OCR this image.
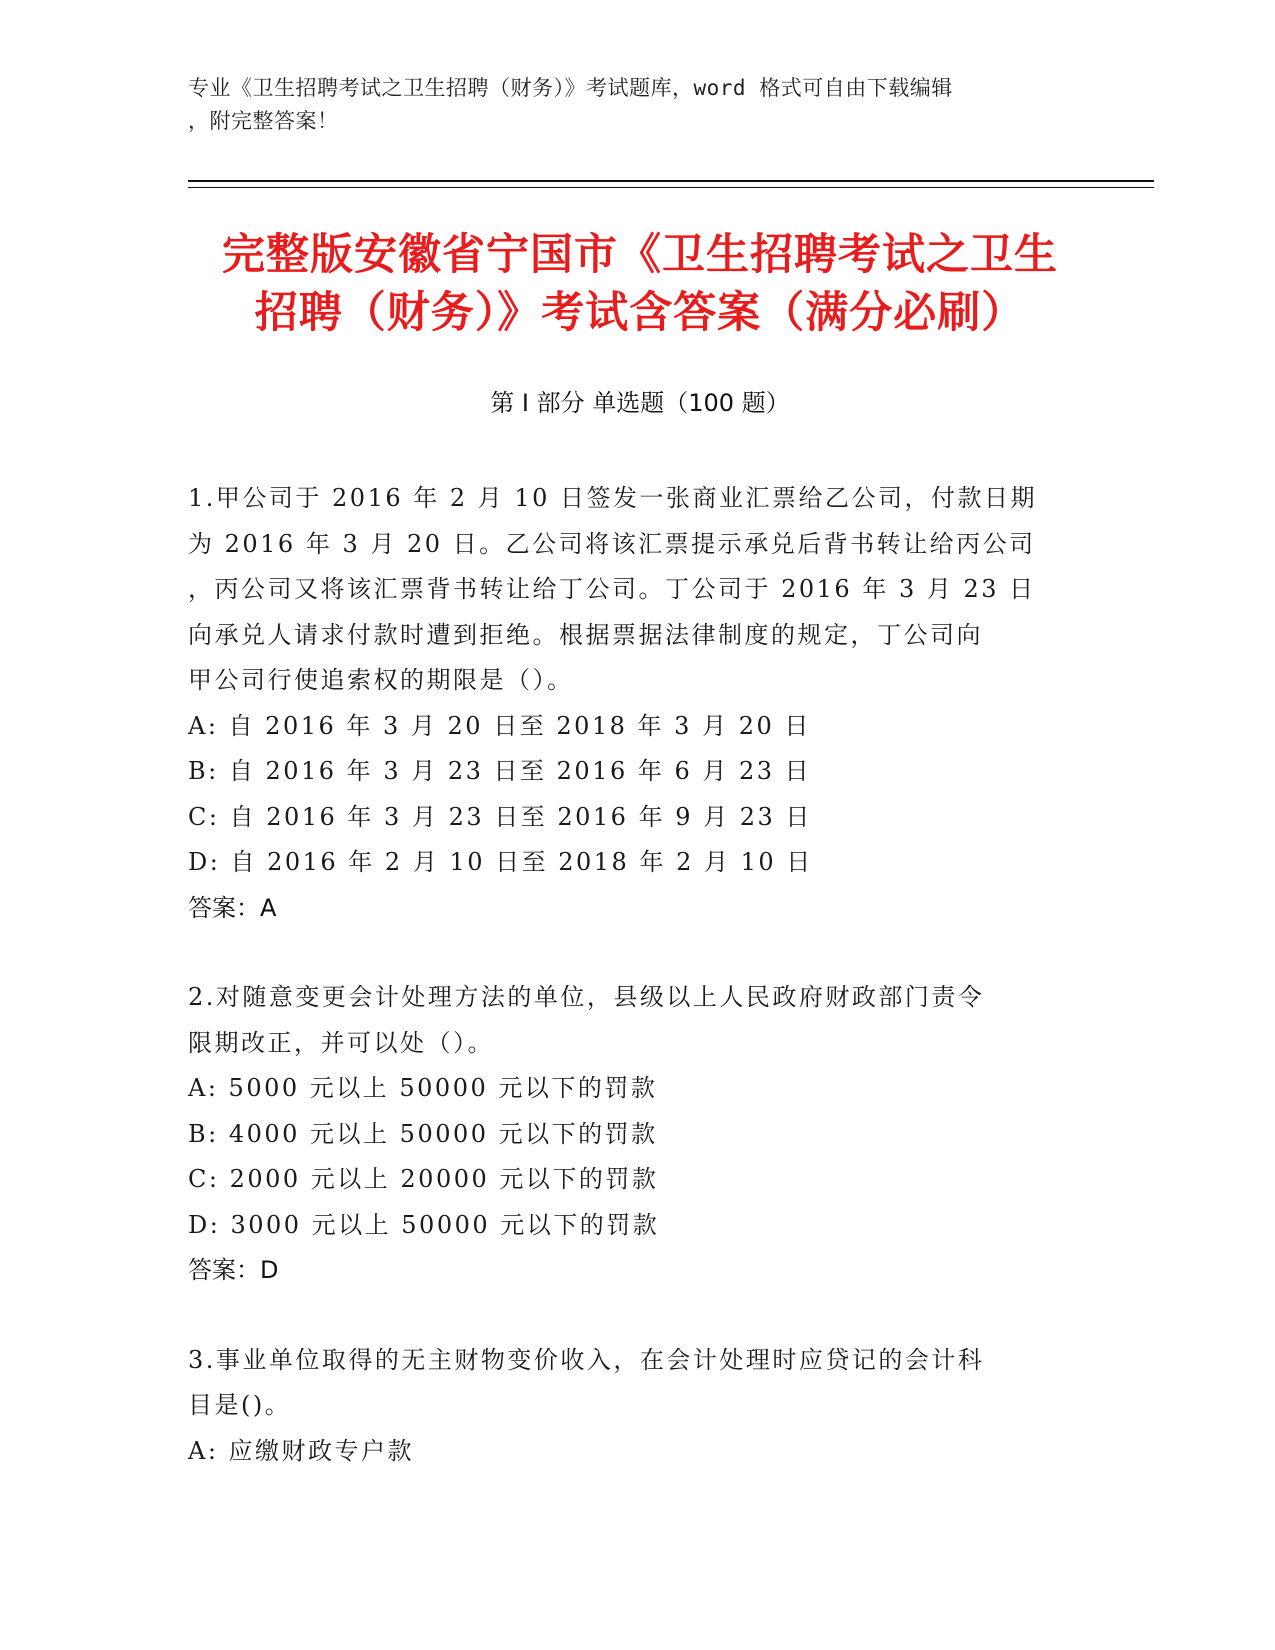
专业《卫生招聘考试之卫生招聘（财务）》考试题库，word 格式可自由下载编辑
，附完整答案！
完整版安徽省宁国市《卫生招聘考试之卫生
招聘（财务）》考试含答案（满分必刷）
第 I 部分 单选题（100 题）

1.甲公司于 2016 年 2 月 10 日签发一张商业汇票给乙公司，付款日期

为 2016 年 3 月 20 日。乙公司将该汇票提示承兑后背书转让给丙公司

，丙公司又将该汇票背书转让给丁公司。丁公司于 2016 年 3 月 23 日

向承兑人请求付款时遭到拒绝。根据票据法律制度的规定，丁公司向

甲公司行使追索权的期限是（）。

A: 自 2016 年 3 月 20 日至 2018 年 3 月 20 日

B: 自 2016 年 3 月 23 日至 2016 年 6 月 23 日

C: 自 2016 年 3 月 23 日至 2016 年 9 月 23 日

D: 自 2016 年 2 月 10 日至 2018 年 2 月 10 日

答案：A

2.对随意变更会计处理方法的单位，县级以上人民政府财政部门责令

限期改正，并可以处（）。

A: 5000 元以上 50000 元以下的罚款

B: 4000 元以上 50000 元以下的罚款

C: 2000 元以上 20000 元以下的罚款

D: 3000 元以上 50000 元以下的罚款

答案：D

3.事业单位取得的无主财物变价收入，在会计处理时应贷记的会计科

目是()。

A: 应缴财政专户款
